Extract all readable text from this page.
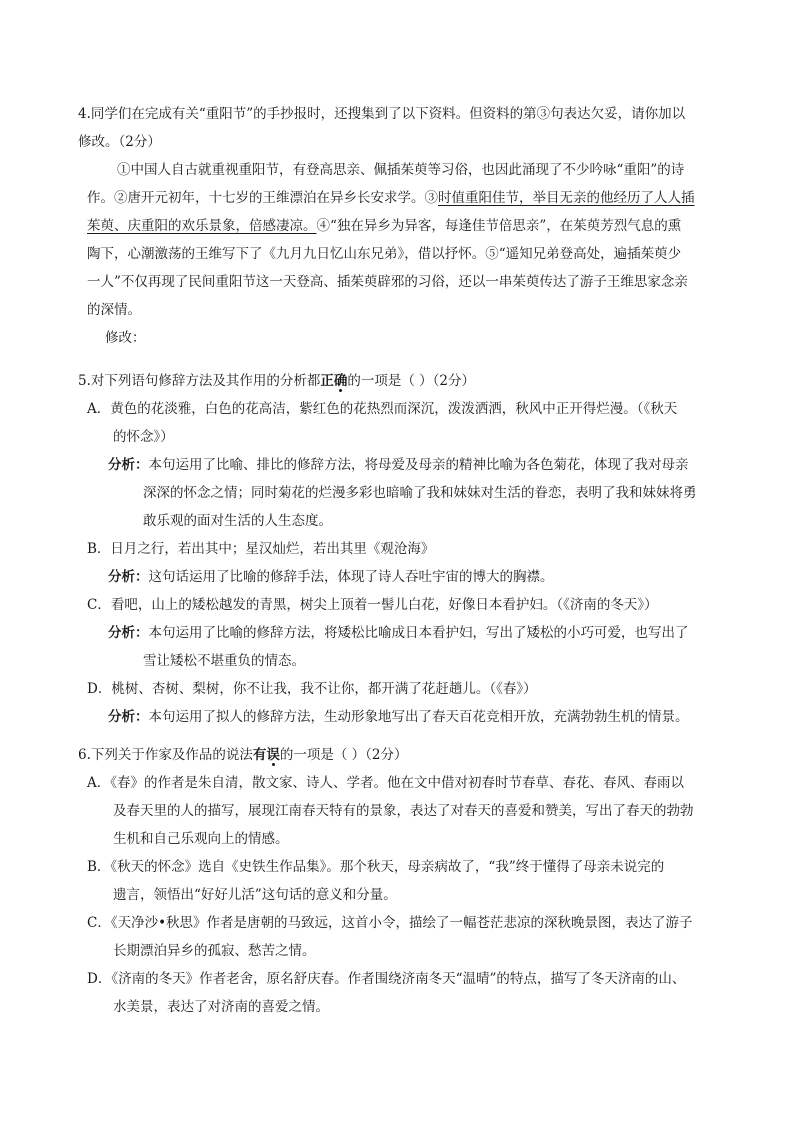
4.同学们在完成有关“重阳节”的手抄报时，还搜集到了以下资料。但资料的第③句表达欠妥，请你加以
修改。（2分）
①中国人自古就重视重阳节，有登高思亲、佩插茱萸等习俗，也因此涌现了不少吟咏“重阳”的诗
作。②唐开元初年，十七岁的王维漂泊在异乡长安求学。③时值重阳佳节，举目无亲的他经历了人人插
茱萸、庆重阳的欢乐景象，倍感凄凉。④“独在异乡为异客，每逢佳节倍思亲”，在茱萸芳烈气息的熏
陶下，心潮激荡的王维写下了《九月九日忆山东兄弟》，借以抒怀。⑤“遥知兄弟登高处，遍插茱萸少
一人”不仅再现了民间重阳节这一天登高、插茱萸辟邪的习俗，还以一串茱萸传达了游子王维思家念亲
的深情。
修改：
5.对下列语句修辞方法及其作用的分析都正确的一项是（ ）（2分）
A．黄色的花淡雅，白色的花高洁，紫红色的花热烈而深沉，泼泼洒洒，秋风中正开得烂漫。（《秋天
的怀念》）
分析：本句运用了比喻、排比的修辞方法，将母爱及母亲的精神比喻为各色菊花，体现了我对母亲
深深的怀念之情；同时菊花的烂漫多彩也暗喻了我和妹妹对生活的眷恋，表明了我和妹妹将勇
敢乐观的面对生活的人生态度。
B．日月之行，若出其中；星汉灿烂，若出其里《观沧海》
分析：这句话运用了比喻的修辞手法，体现了诗人吞吐宇宙的博大的胸襟。
C．看吧，山上的矮松越发的青黑，树尖上顶着一髻儿白花，好像日本看护妇。（《济南的冬天》）
分析：本句运用了比喻的修辞方法，将矮松比喻成日本看护妇，写出了矮松的小巧可爱，也写出了
雪让矮松不堪重负的情态。
D．桃树、杏树、梨树，你不让我，我不让你，都开满了花赶趟儿。（《春》）
分析：本句运用了拟人的修辞方法，生动形象地写出了春天百花竞相开放，充满勃勃生机的情景。
6.下列关于作家及作品的说法有误的一项是（ ）（2分）
A．《春》的作者是朱自清，散文家、诗人、学者。他在文中借对初春时节春草、春花、春风、春雨以
及春天里的人的描写，展现江南春天特有的景象，表达了对春天的喜爱和赞美，写出了春天的勃勃
生机和自己乐观向上的情感。
B．《秋天的怀念》选自《史铁生作品集》。那个秋天，母亲病故了，“我”终于懂得了母亲未说完的
遗言，领悟出“好好儿活”这句话的意义和分量。
C．《天净沙•秋思》作者是唐朝的马致远，这首小令，描绘了一幅苍茫悲凉的深秋晚景图，表达了游子
长期漂泊异乡的孤寂、愁苦之情。
D．《济南的冬天》作者老舍，原名舒庆春。作者围绕济南冬天“温晴”的特点，描写了冬天济南的山、
水美景，表达了对济南的喜爱之情。
